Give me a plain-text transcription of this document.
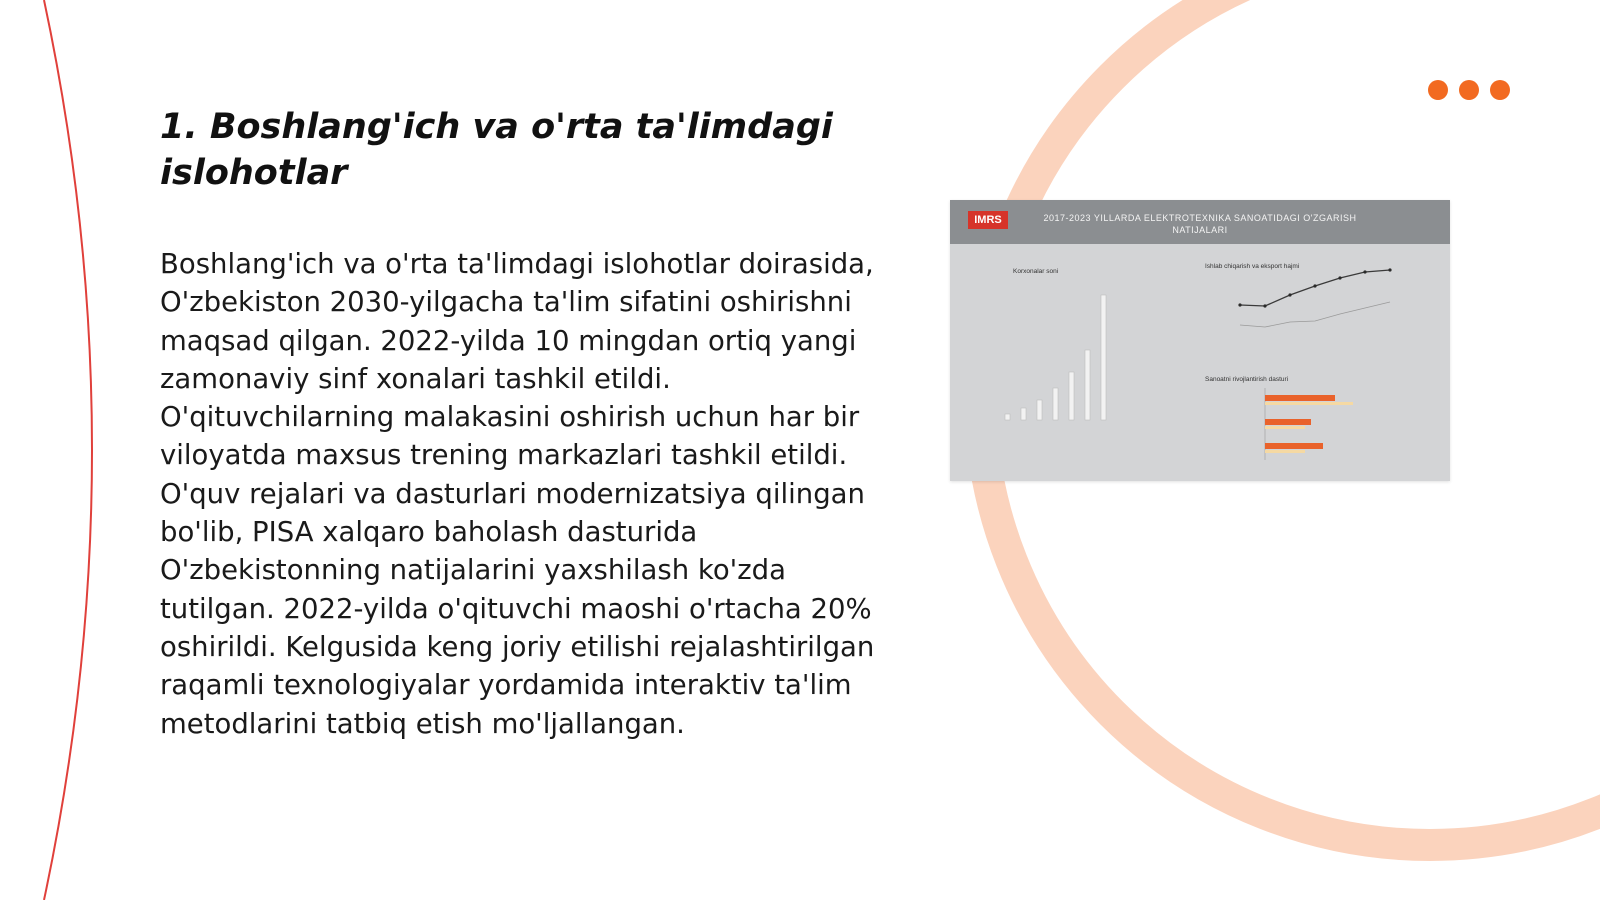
1. Boshlang'ich va o'rta ta'limdagi islohotlar

Boshlang'ich va o'rta ta'limdagi islohotlar doirasida, O'zbekiston 2030-yilgacha ta'lim sifatini oshirishni maqsad qilgan. 2022-yilda 10 mingdan ortiq yangi zamonaviy sinf xonalari tashkil etildi. O'qituvchilarning malakasini oshirish uchun har bir viloyatda maxsus trening markazlari tashkil etildi. O'quv rejalari va dasturlari modernizatsiya qilingan bo'lib, PISA xalqaro baholash dasturida O'zbekistonning natijalarini yaxshilash ko'zda tutilgan. 2022-yilda o'qituvchi maoshi o'rtacha 20% oshirildi. Kelgusida keng joriy etilishi rejalashtirilgan raqamli texnologiyalar yordamida interaktiv ta'lim metodlarini tatbiq etish mo'ljallangan.

IMRS	2017-2023 YILLARDA ELEKTROTEXNIKA SANOATIDAGI O'ZGARISH NATIJALARI
Korxonalar soni
Ishlab chiqarish va eksport hajmi
Sanoatni rivojlantirish dasturi
